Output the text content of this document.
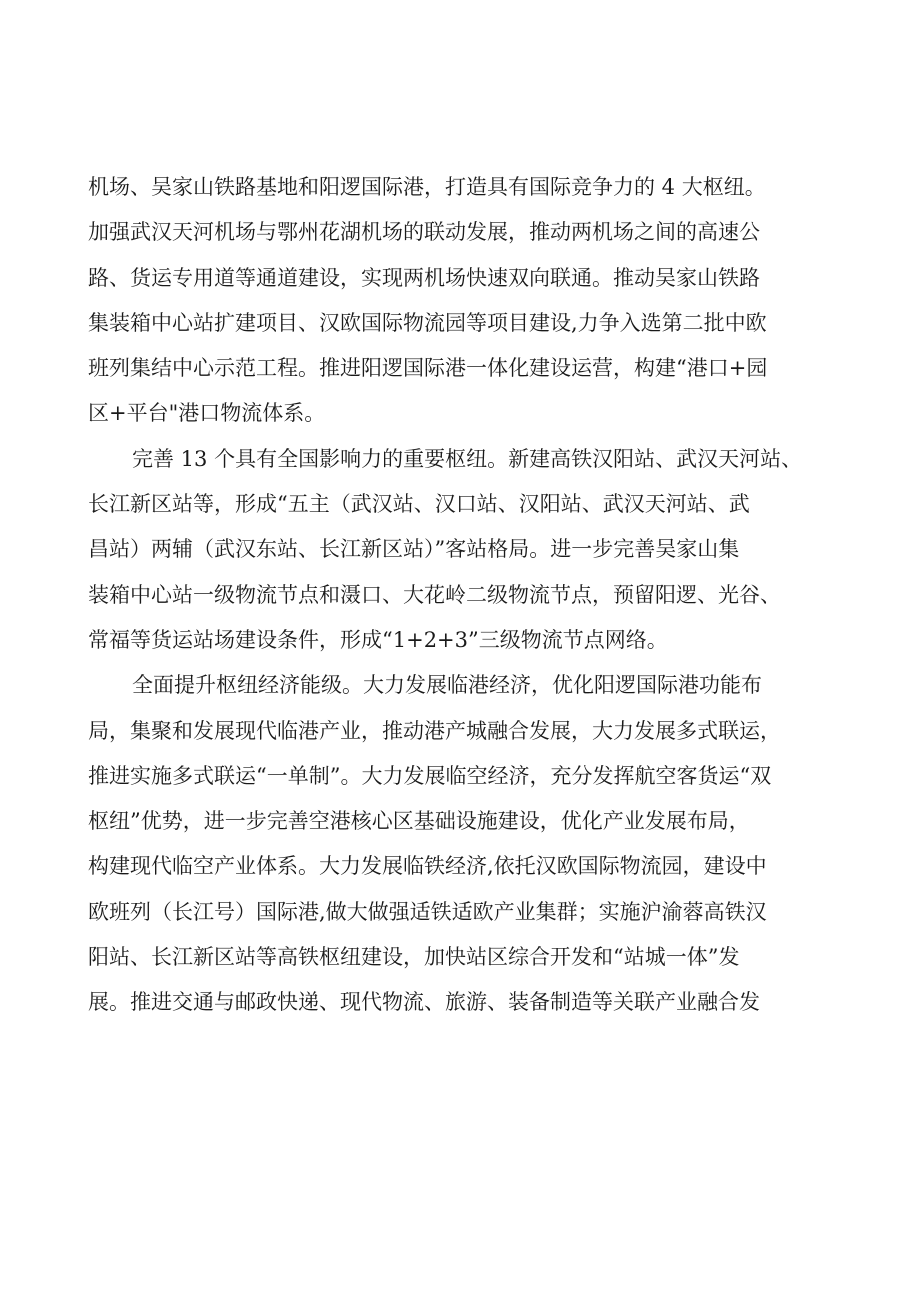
机场、吴家山铁路基地和阳逻国际港，打造具有国际竞争力的 4 大枢纽。
加强武汉天河机场与鄂州花湖机场的联动发展，推动两机场之间的高速公
路、货运专用道等通道建设，实现两机场快速双向联通。推动吴家山铁路
集装箱中心站扩建项目、汉欧国际物流园等项目建设,力争入选第二批中欧
班列集结中心示范工程。推进阳逻国际港一体化建设运营，构建“港口+园
区+平台"港口物流体系。
完善 13 个具有全国影响力的重要枢纽。新建高铁汉阳站、武汉天河站、
长江新区站等，形成“五主（武汉站、汉口站、汉阳站、武汉天河站、武
昌站）两辅（武汉东站、长江新区站）”客站格局。进一步完善吴家山集
装箱中心站一级物流节点和滠口、大花岭二级物流节点，预留阳逻、光谷、
常福等货运站场建设条件，形成“1+2+3”三级物流节点网络。
全面提升枢纽经济能级。大力发展临港经济，优化阳逻国际港功能布
局，集聚和发展现代临港产业，推动港产城融合发展，大力发展多式联运，
推进实施多式联运“一单制”。大力发展临空经济，充分发挥航空客货运“双
枢纽”优势，进一步完善空港核心区基础设施建设，优化产业发展布局，
构建现代临空产业体系。大力发展临铁经济,依托汉欧国际物流园，建设中
欧班列（长江号）国际港,做大做强适铁适欧产业集群；实施沪渝蓉高铁汉
阳站、长江新区站等高铁枢纽建设，加快站区综合开发和“站城一体”发
展。推进交通与邮政快递、现代物流、旅游、装备制造等关联产业融合发
